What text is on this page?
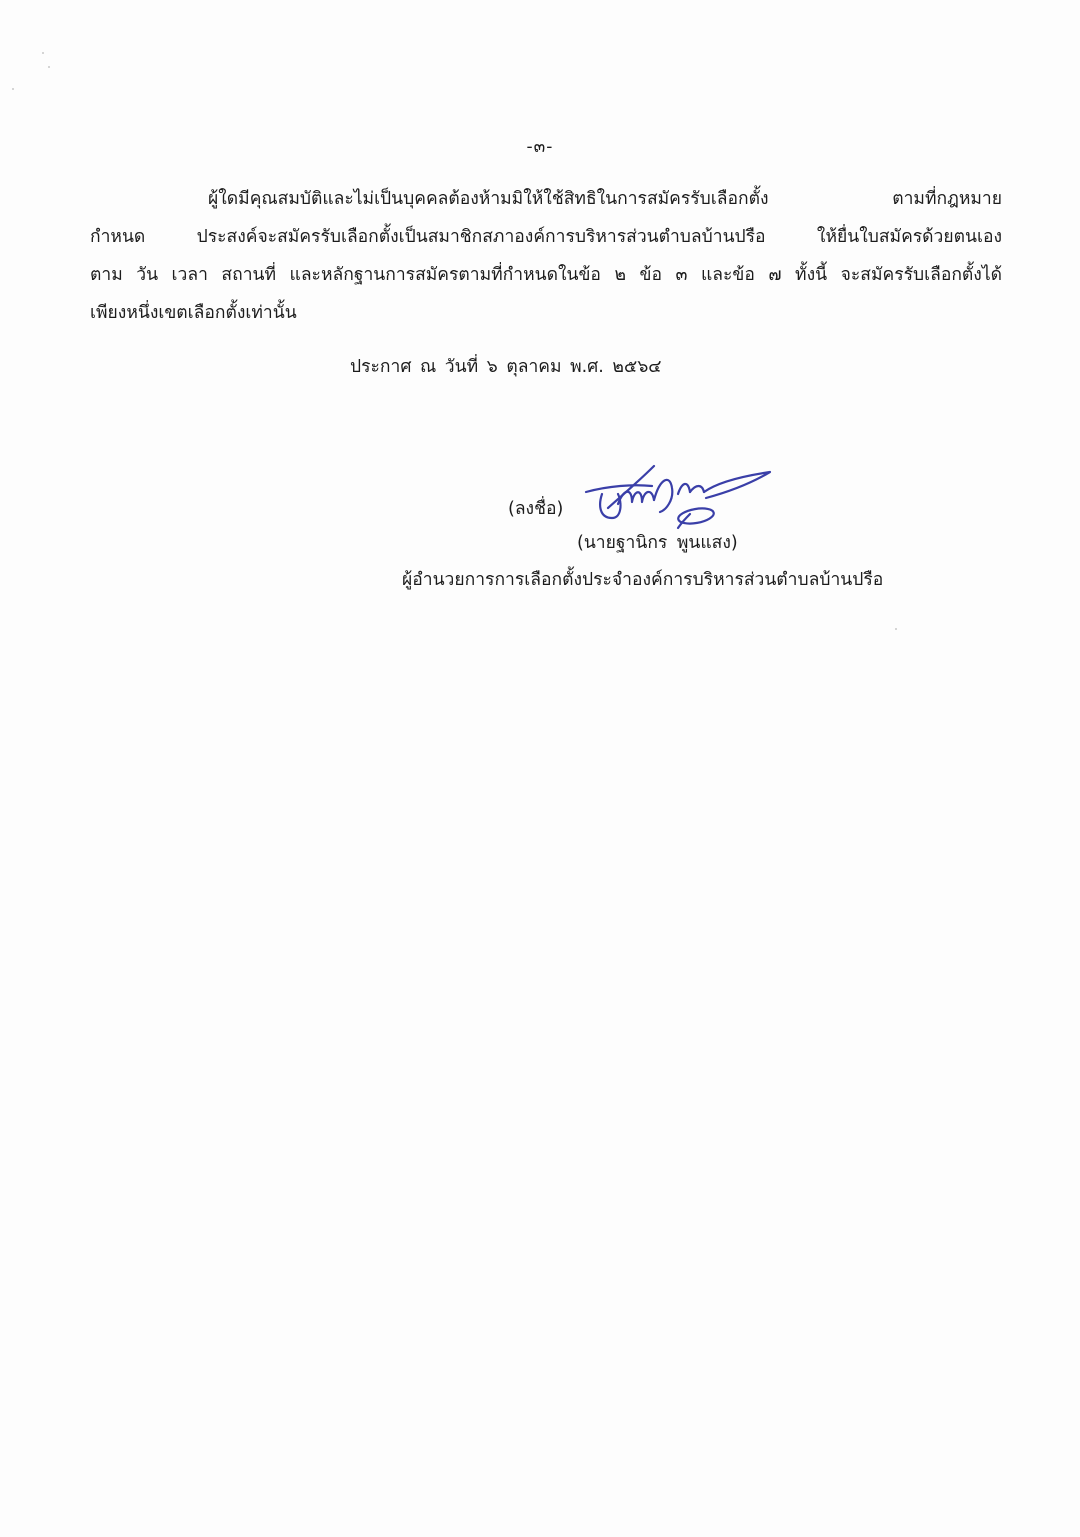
-๓-
ผู้ใดมีคุณสมบัติและไม่เป็นบุคคลต้องห้ามมิให้ใช้สิทธิในการสมัครรับเลือกตั้ง ตามที่กฎหมาย
กำหนด ประสงค์จะสมัครรับเลือกตั้งเป็นสมาชิกสภาองค์การบริหารส่วนตำบลบ้านปรือ ให้ยื่นใบสมัครด้วยตนเอง
ตาม วัน เวลา สถานที่ และหลักฐานการสมัครตามที่กำหนดในข้อ ๒ ข้อ ๓ และข้อ ๗ ทั้งนี้ จะสมัครรับเลือกตั้งได้
เพียงหนึ่งเขตเลือกตั้งเท่านั้น
ประกาศ ณ วันที่ ๖ ตุลาคม พ.ศ. ๒๕๖๔
(ลงชื่อ)
(นายฐานิกร พูนแสง)
ผู้อำนวยการการเลือกตั้งประจำองค์การบริหารส่วนตำบลบ้านปรือ
